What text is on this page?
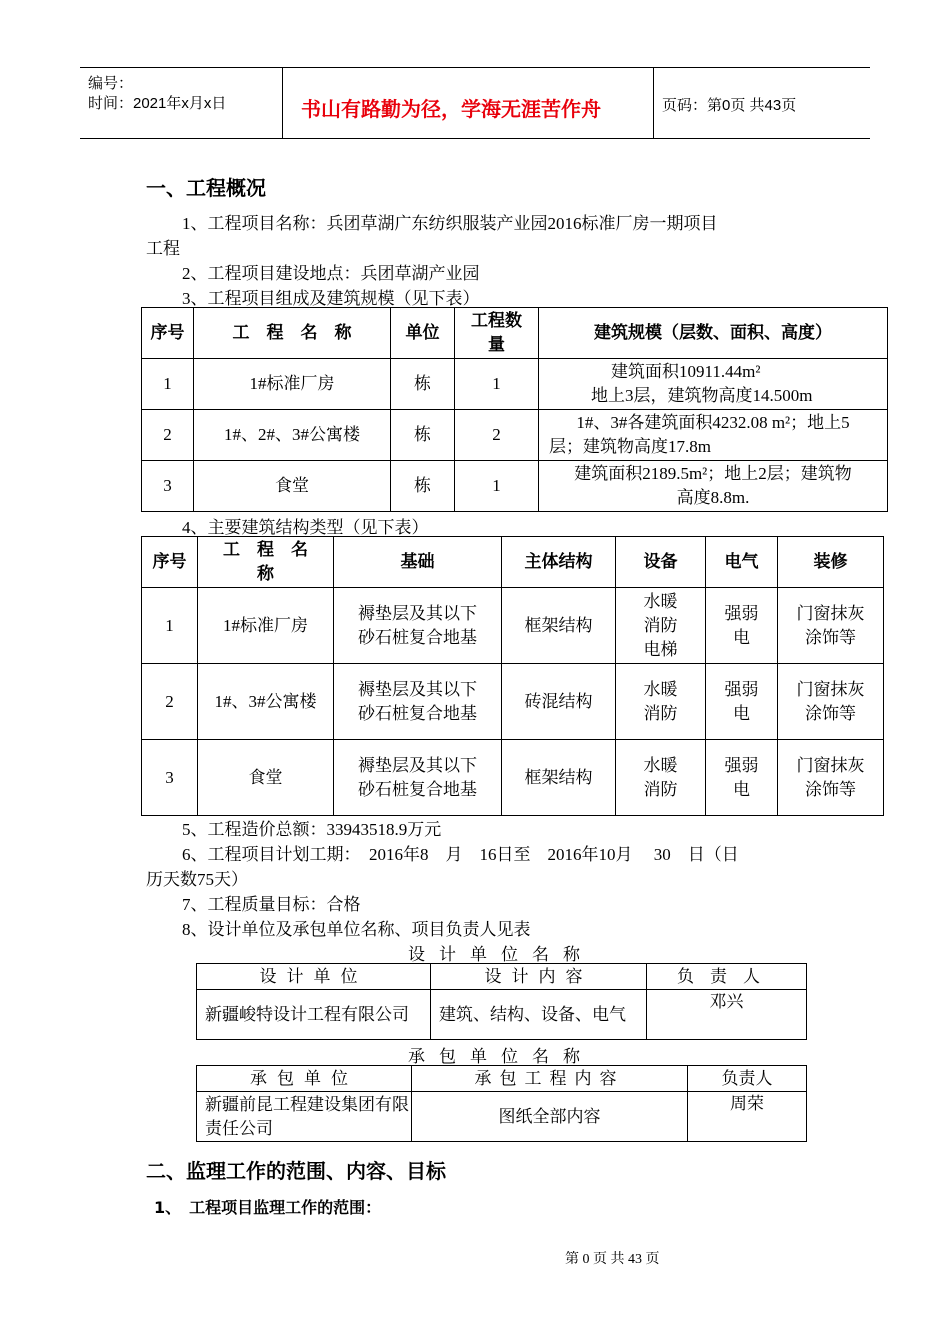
编号：
时间：2021年x月x日	书山有路勤为径，学海无涯苦作舟	页码：第0页 共43页
一、工程概况
1、工程项目名称：兵团草湖广东纺织服装产业园2016标准厂房一期项目
工程
2、工程项目建设地点：兵团草湖产业园
3、工程项目组成及建筑规模（见下表）
序号	工　程　名　称	单位	工程数量	建筑规模（层数、面积、高度）
1	1#标准厂房	栋	1	建筑面积10911.44m²
地上3层，建筑物高度14.500m

2	1#、2#、3#公寓楼	栋	2	1#、3#各建筑面积4232.08 m²；地上5
层；建筑物高度17.8m

3	食堂	栋	1	建筑面积2189.5m²；地上2层；建筑物
高度8.8m.
4、主要建筑结构类型（见下表）
序号	工　程　名　称	基础	主体结构	设备	电气	装修
1	1#标准厂房	褥垫层及其以下砂石桩复合地基	框架结构	水暖消防电梯	强弱电	门窗抹灰涂饰等
2	1#、3#公寓楼	褥垫层及其以下砂石桩复合地基	砖混结构	水暖消防	强弱电	门窗抹灰涂饰等
3	食堂	褥垫层及其以下砂石桩复合地基	框架结构	水暖消防	强弱电	门窗抹灰涂饰等
5、工程造价总额：33943518.9万元
6、工程项目计划工期：　2016年8　月　16日至　2016年10月　 30　日（日
历天数75天）
7、工程质量目标：合格
8、设计单位及承包单位名称、项目负责人见表
设计单位名称
设计单位	设计内容	负责人
新疆峻特设计工程有限公司	建筑、结构、设备、电气	邓兴
承包单位名称
承包单位	承包工程内容	负责人
新疆前昆工程建设集团有限责任公司	图纸全部内容	周荣
二、监理工作的范围、内容、目标
1、　工程项目监理工作的范围：
第 0 页 共 43 页
